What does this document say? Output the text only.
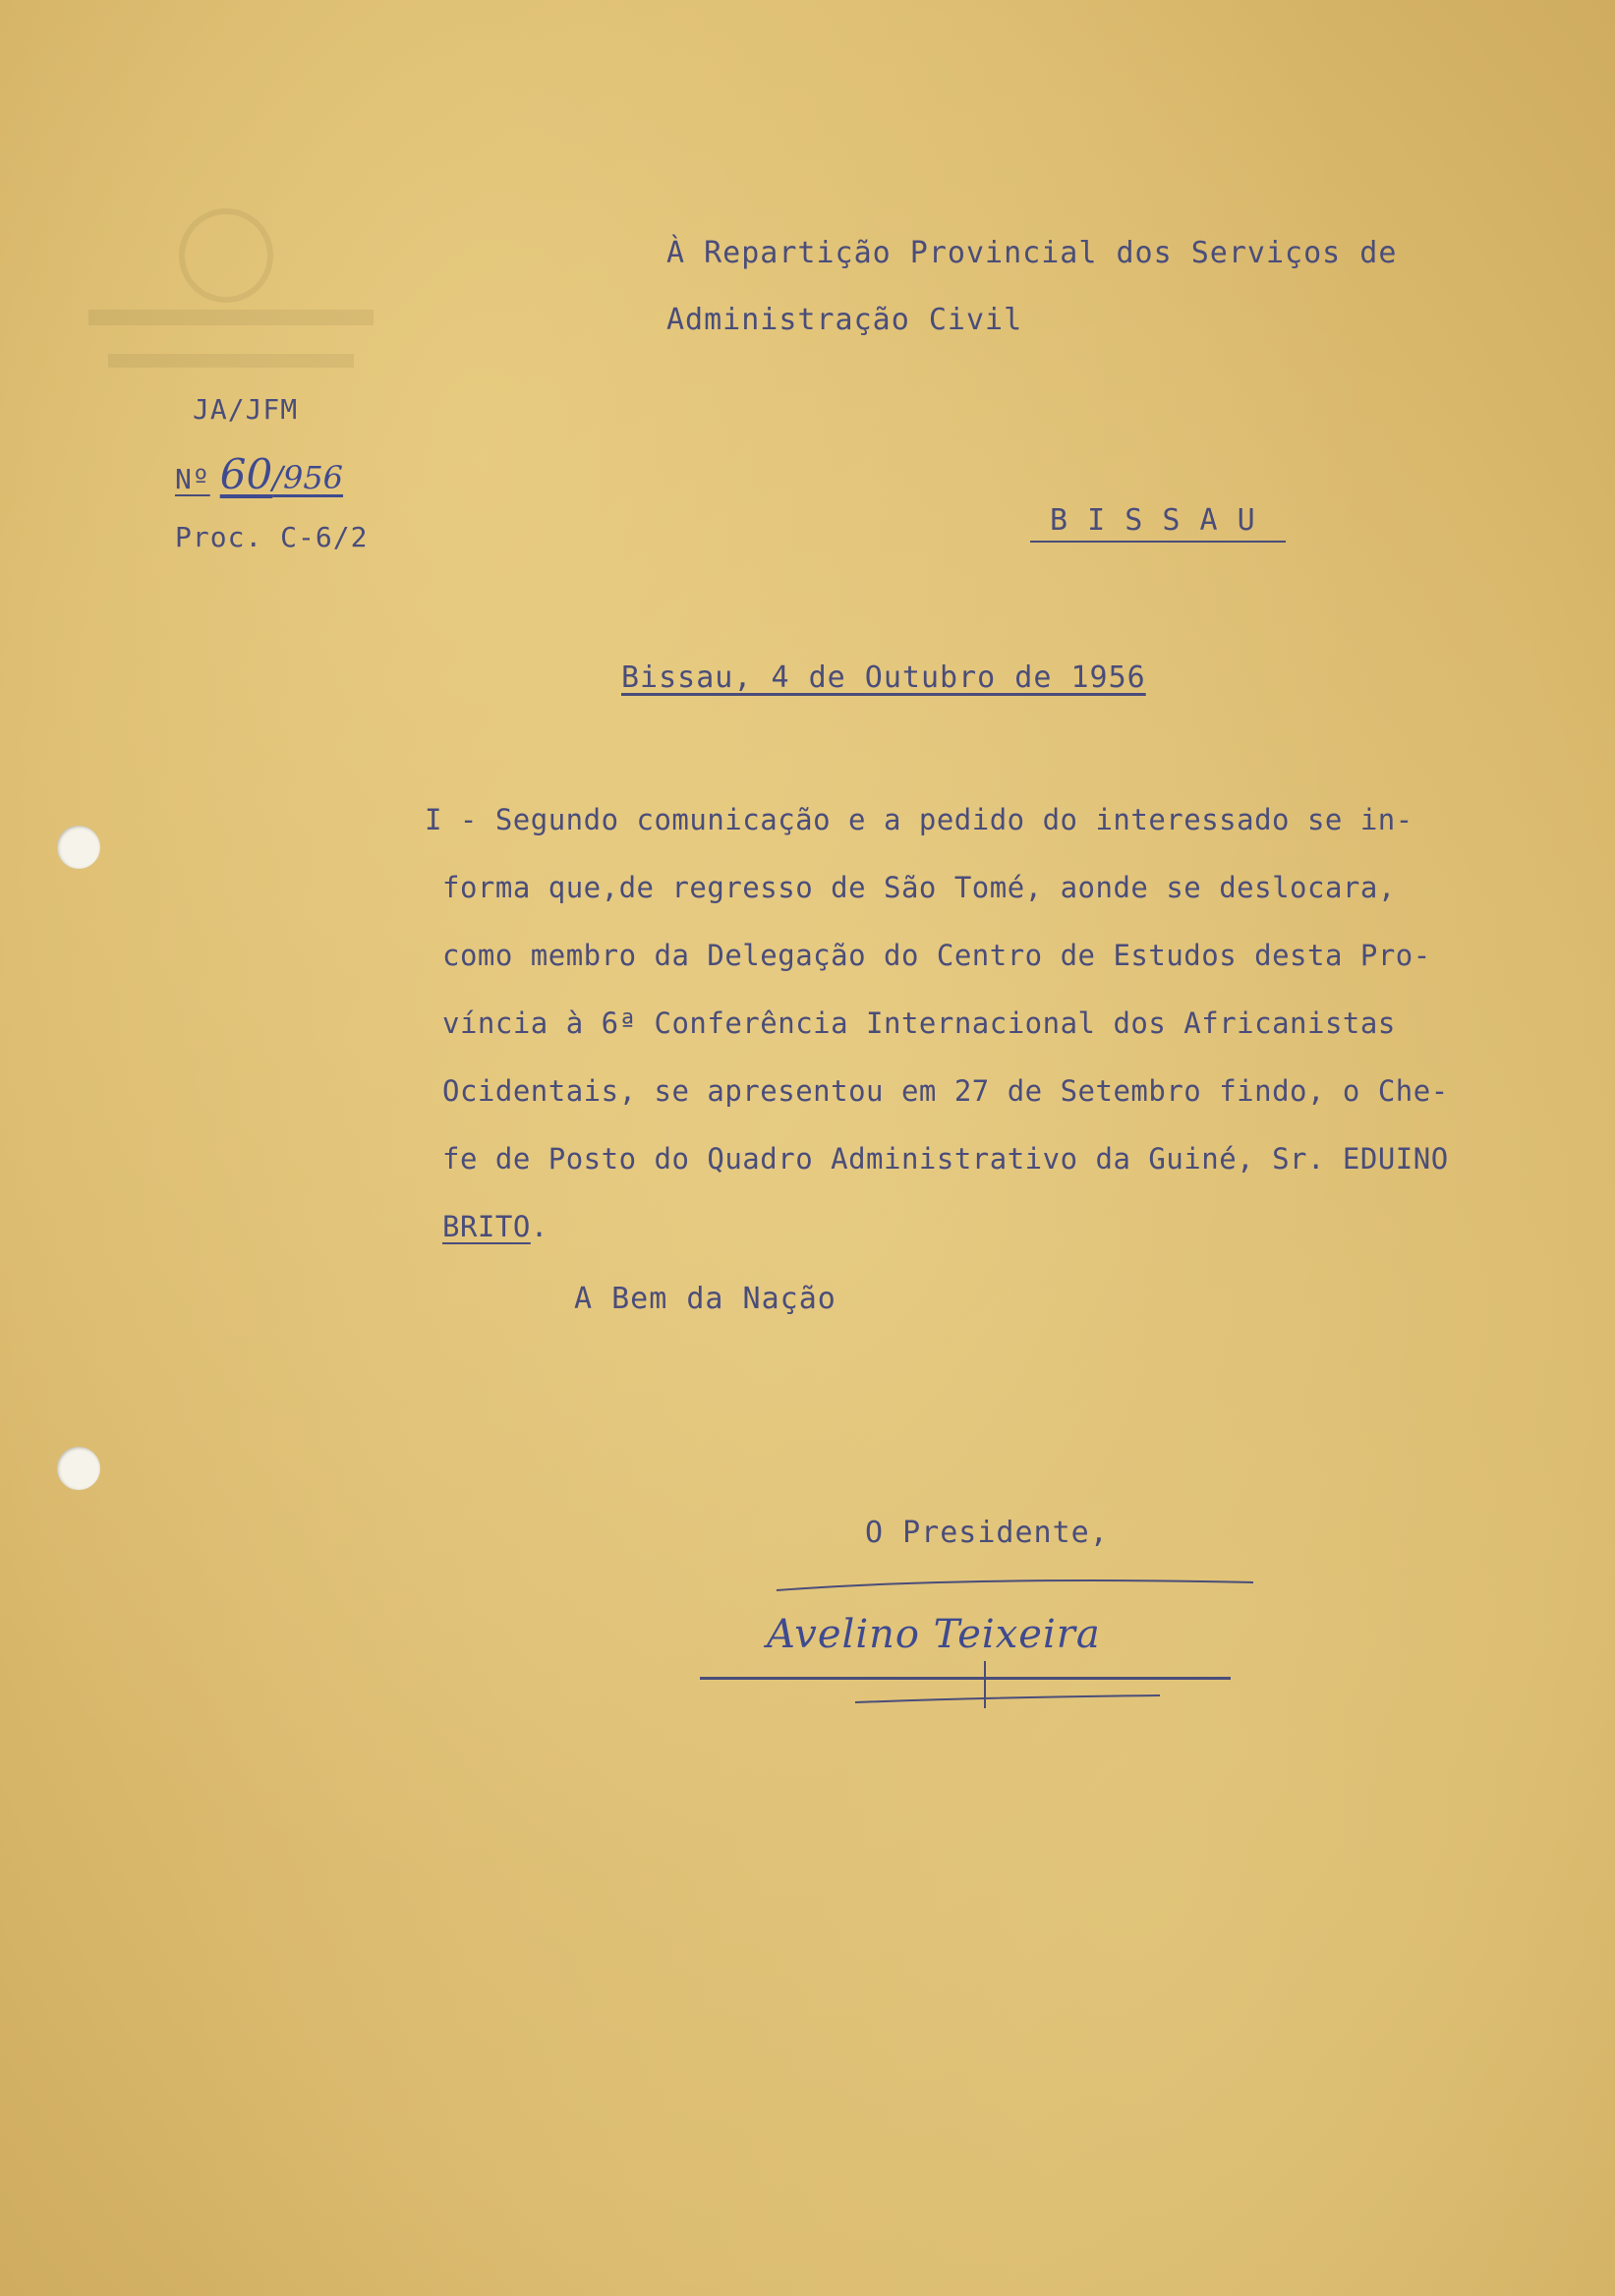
À Repartição Provincial dos Serviços de
Administração Civil
B I S S A U
JA/JFM
Nº 60/956
Proc. C-6/2
Bissau, 4 de Outubro de 1956
I - Segundo comunicação e a pedido do interessado se in-
forma que,de regresso de São Tomé, aonde se deslocara,
como membro da Delegação do Centro de Estudos desta Pro-
víncia à 6ª Conferência Internacional dos Africanistas
Ocidentais, se apresentou em 27 de Setembro findo, o Che-
fe de Posto do Quadro Administrativo da Guiné, Sr. EDUINO
BRITO.
A Bem da Nação
O Presidente,
Avelino Teixeira
